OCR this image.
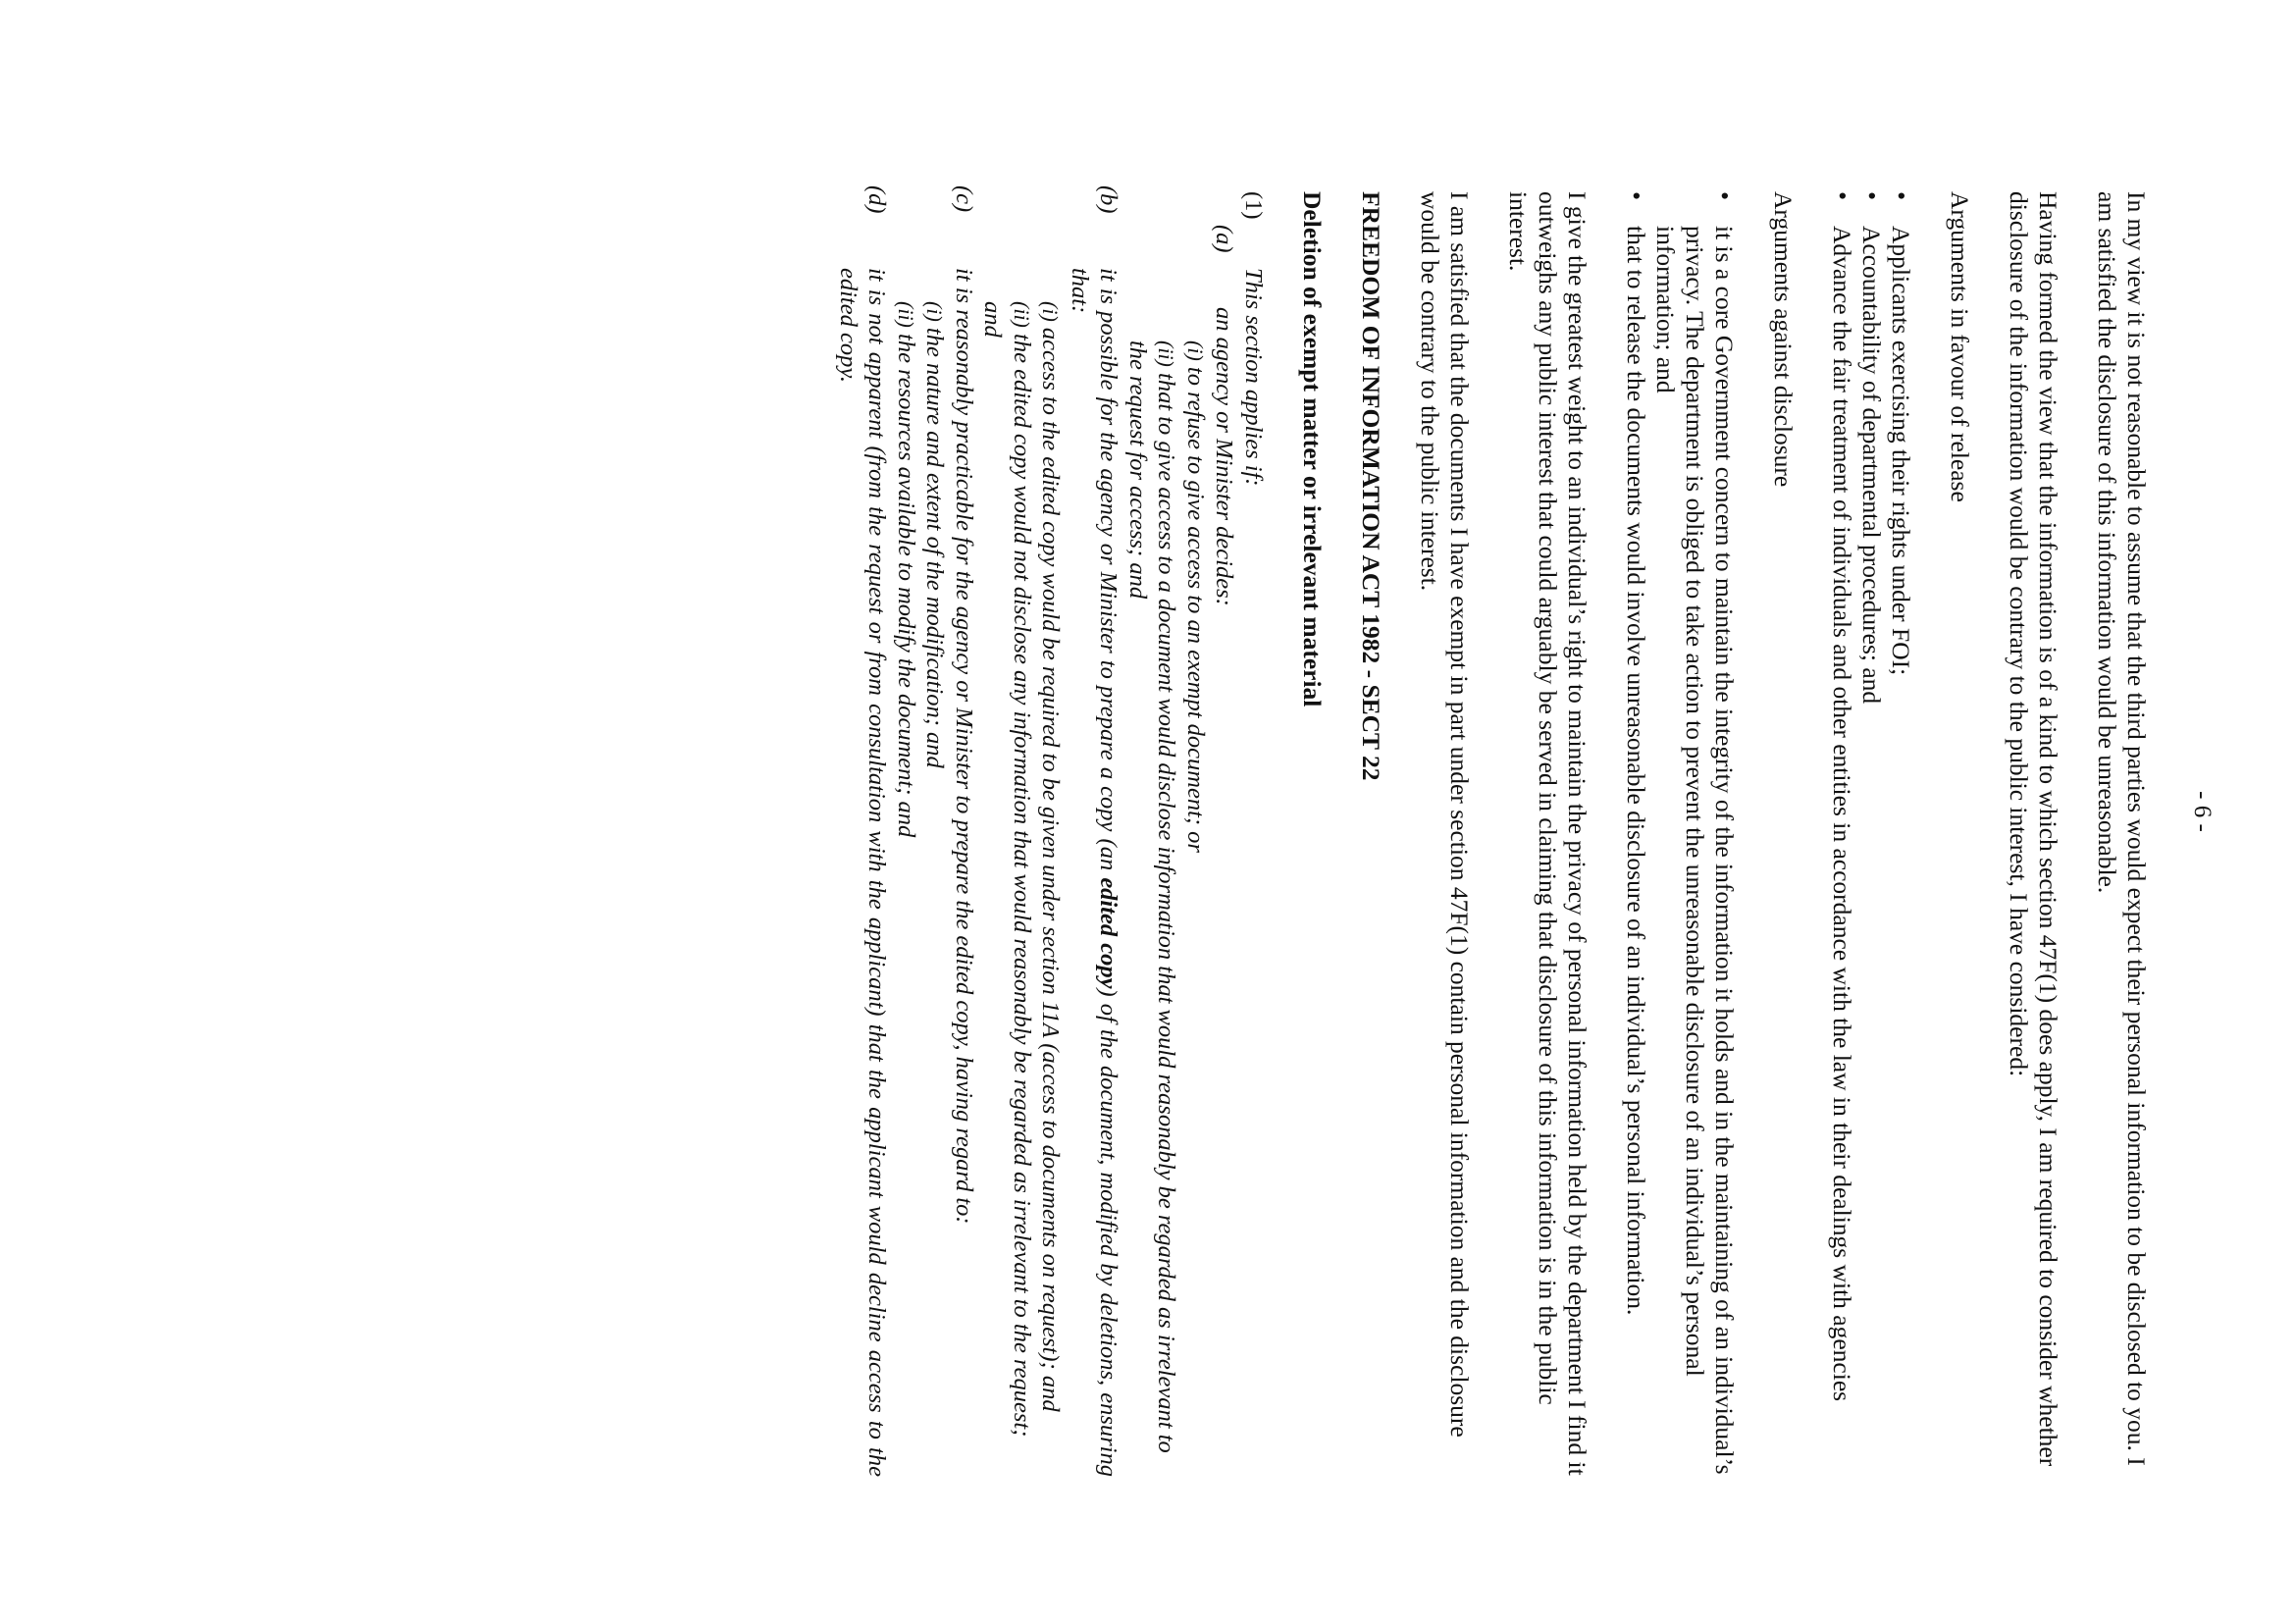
- 6 -

In my view it is not reasonable to assume that the third parties would expect their personal information to be disclosed to you. I am satisfied the disclosure of this information would be unreasonable.

Having formed the view that the information is of a kind to which section 47F(1) does apply, I am required to consider whether disclosure of the information would be contrary to the public interest, I have considered:

Arguments in favour of release

• Applicants exercising their rights under FOI;
• Accountability of departmental procedures; and
• Advance the fair treatment of individuals and other entities in accordance with the law in their dealings with agencies

Arguments against disclosure

• it is a core Government concern to maintain the integrity of the information it holds and in the maintaining of an individual’s privacy. The department is obliged to take action to prevent the unreasonable disclosure of an individual’s personal information; and
• that to release the documents would involve unreasonable disclosure of an individual’s personal information.

I give the greatest weight to an individual’s right to maintain the privacy of personal information held by the department I find it outweighs any public interest that could arguably be served in claiming that disclosure of this information is in the public interest.

I am satisfied that the documents I have exempt in part under section 47F(1) contain personal information and the disclosure would be contrary to the public interest.

FREEDOM OF INFORMATION ACT 1982 - SECT 22

Deletion of exempt matter or irrelevant material

(1)
This section applies if:
(a)
an agency or Minister decides:
(i) to refuse to give access to an exempt document; or
(ii) that to give access to a document would disclose information that would reasonably be regarded as irrelevant to the request for access; and
(b)
it is possible for the agency or Minister to prepare a copy (an edited copy) of the document, modified by deletions, ensuring that:
(i) access to the edited copy would be required to be given under section 11A (access to documents on request); and
(ii) the edited copy would not disclose any information that would reasonably be regarded as irrelevant to the request; and
(c)
it is reasonably practicable for the agency or Minister to prepare the edited copy, having regard to:
(i) the nature and extent of the modification; and
(ii) the resources available to modify the document; and
(d)
it is not apparent (from the request or from consultation with the applicant) that the applicant would decline access to the edited copy.
